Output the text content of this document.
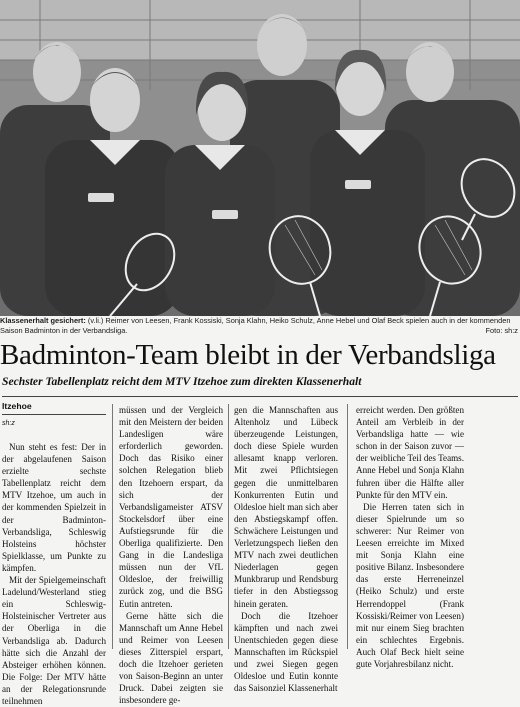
Klassenerhalt gesichert: (v.li.) Reimer von Leesen, Frank Kossiski, Sonja Klahn, Heiko Schulz, Anne Hebel und Olaf Beck spielen auch in der kommenden Saison Badminton in der Verbandsliga.	Foto: sh:z
Badminton-Team bleibt in der Verbandsliga
Sechster Tabellenplatz reicht dem MTV Itzehoe zum direkten Klassenerhalt
Itzehoe
sh:z

Nun steht es fest: Der in der abgelaufenen Saison erzielte sechste Tabellenplatz reicht dem MTV Itzehoe, um auch in der kommenden Spielzeit in der Badminton-Verbandsliga, Schleswig Holsteins höchster Spielklasse, um Punkte zu kämpfen.

Mit der Spielgemeinschaft Ladelund/Westerland stieg ein Schleswig-Holsteinischer Vertreter aus der Oberliga in die Verbandsliga ab. Dadurch hätte sich die Anzahl der Absteiger erhöhen können. Die Folge: Der MTV hätte an der Relegationsrunde teilnehmen

müssen und der Vergleich mit den Meistern der beiden Landesligen wäre erforderlich geworden. Doch das Risiko einer solchen Relegation blieb den Itzehoern erspart, da sich der Verbandsligameister ATSV Stockelsdorf über eine Aufstiegsrunde für die Oberliga qualifizierte. Den Gang in die Landesliga müssen nun der VfL Oldesloe, der freiwillig zurück zog, und die BSG Eutin antreten.

Gerne hätte sich die Mannschaft um Anne Hebel und Reimer von Leesen dieses Zitterspiel erspart, doch die Itzehoer gerieten von Saison-Beginn an unter Druck. Dabei zeigten sie insbesondere ge-

gen die Mannschaften aus Altenholz und Lübeck überzeugende Leistungen, doch diese Spiele wurden allesamt knapp verloren. Mit zwei Pflichtsiegen gegen die unmittelbaren Konkurrenten Eutin und Oldesloe hielt man sich aber den Abstiegskampf offen. Schwächere Leistungen und Verletzungspech ließen den MTV nach zwei deutlichen Niederlagen gegen Munkbrarup und Rendsburg tiefer in den Abstiegssog hinein geraten.

Doch die Itzehoer kämpften und nach zwei Unentschieden gegen diese Mannschaften im Rückspiel und zwei Siegen gegen Oldesloe und Eutin konnte das Saisonziel Klassenerhalt

erreicht werden. Den größten Anteil am Verbleib in der Verbandsliga hatte — wie schon in der Saison zuvor — der weibliche Teil des Teams. Anne Hebel und Sonja Klahn fuhren über die Hälfte aller Punkte für den MTV ein.

Die Herren taten sich in dieser Spielrunde um so schwerer: Nur Reimer von Leesen erreichte im Mixed mit Sonja Klahn eine positive Bilanz. Insbesondere das erste Herreneinzel (Heiko Schulz) und erste Herrendoppel (Frank Kossiski/Reimer von Leesen) mit nur einem Sieg brachten ein schlechtes Ergebnis. Auch Olaf Beck hielt seine gute Vorjahresbilanz nicht.
